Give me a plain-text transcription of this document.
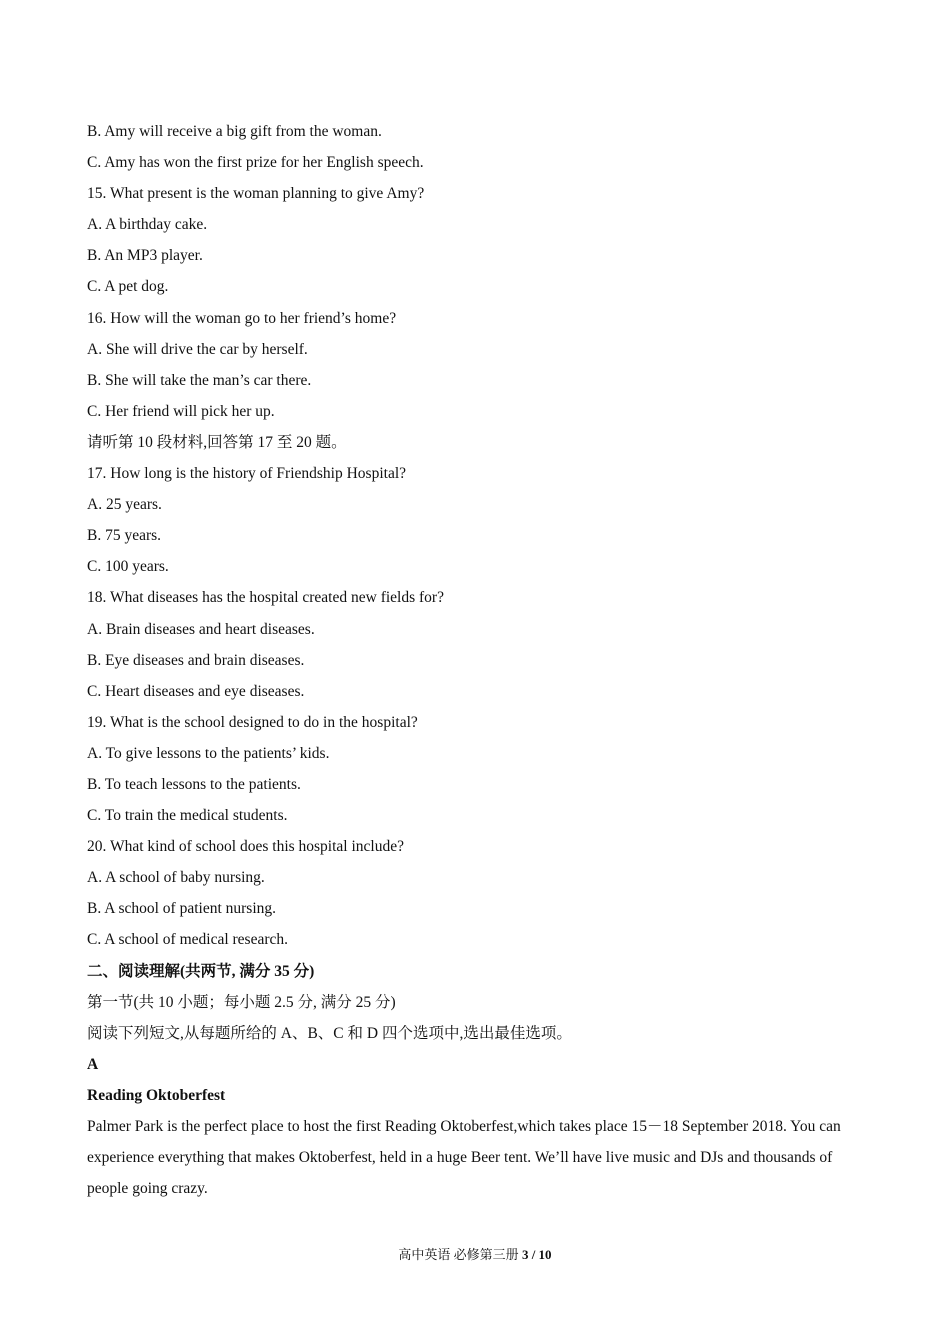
B. Amy will receive a big gift from the woman.
C. Amy has won the first prize for her English speech.
15. What present is the woman planning to give Amy?
A. A birthday cake.
B. An MP3 player.
C. A pet dog.
16. How will the woman go to her friend’s home?
A. She will drive the car by herself.
B. She will take the man’s car there.
C. Her friend will pick her up.
请听第 10 段材料,回答第 17 至 20 题。
17. How long is the history of Friendship Hospital?
A. 25 years.
B. 75 years.
C. 100 years.
18. What diseases has the hospital created new fields for?
A. Brain diseases and heart diseases.
B. Eye diseases and brain diseases.
C. Heart diseases and eye diseases.
19. What is the school designed to do in the hospital?
A. To give lessons to the patients’ kids.
B. To teach lessons to the patients.
C. To train the medical students.
20. What kind of school does this hospital include?
A. A school of baby nursing.
B. A school of patient nursing.
C. A school of medical research.
二、阅读理解(共两节, 满分 35 分)
第一节(共 10 小题；每小题 2.5 分, 满分 25 分)
阅读下列短文,从每题所给的 A、B、C 和 D 四个选项中,选出最佳选项。
A
Reading Oktoberfest
Palmer Park is the perfect place to host the first Reading Oktoberfest,which takes place 15－18 September 2018. You can experience everything that makes Oktoberfest, held in a huge Beer tent. We’ll have live music and DJs and thousands of people going crazy.
高中英语 必修第三册 3 / 10
